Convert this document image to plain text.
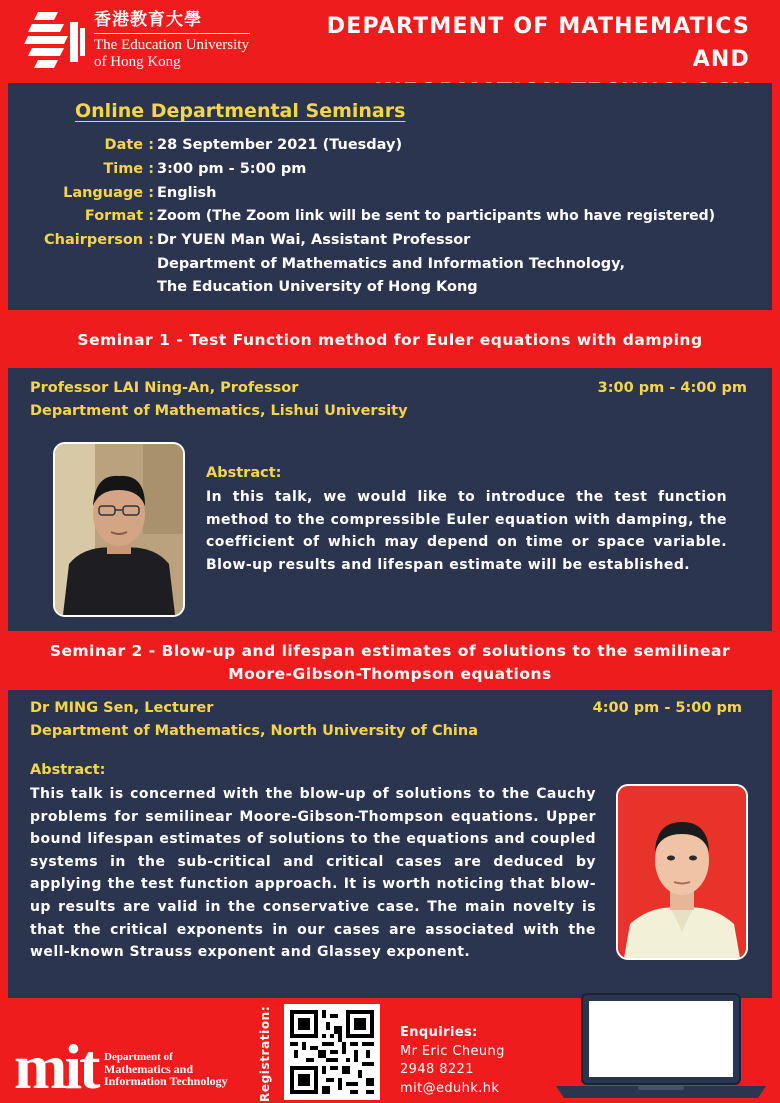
香港教育大學
The Education University
of Hong Kong
DEPARTMENT OF MATHEMATICS AND
Online Departmental Seminars
Date : 28 September 2021 (Tuesday)
Time : 3:00 pm - 5:00 pm
Language : English
Format : Zoom (The Zoom link will be sent to participants who have registered)
Chairperson : Dr YUEN Man Wai, Assistant Professor
Department of Mathematics and Information Technology,
The Education University of Hong Kong
Seminar 1 - Test Function method for Euler equations with damping
Professor LAI Ning-An, Professor
Department of Mathematics, Lishui University
3:00 pm - 4:00 pm
Abstract:
In this talk, we would like to introduce the test function method to the compressible Euler equation with damping, the coefficient of which may depend on time or space variable. Blow-up results and lifespan estimate will be established.
Seminar 2 - Blow-up and lifespan estimates of solutions to the semilinear
Moore-Gibson-Thompson equations
Dr MING Sen, Lecturer
Department of Mathematics, North University of China
4:00 pm - 5:00 pm
Abstract:
This talk is concerned with the blow-up of solutions to the Cauchy problems for semilinear Moore-Gibson-Thompson equations. Upper bound lifespan estimates of solutions to the equations and coupled systems in the sub-critical and critical cases are deduced by applying the test function approach. It is worth noticing that blow-up results are valid in the conservative case. The main novelty is that the critical exponents in our cases are associated with the well-known Strauss exponent and Glassey exponent.
mit Department of
Mathematics and
Information Technology	Registration:	Enquiries:
Mr Eric Cheung
2948 8221
mit@eduhk.hk
